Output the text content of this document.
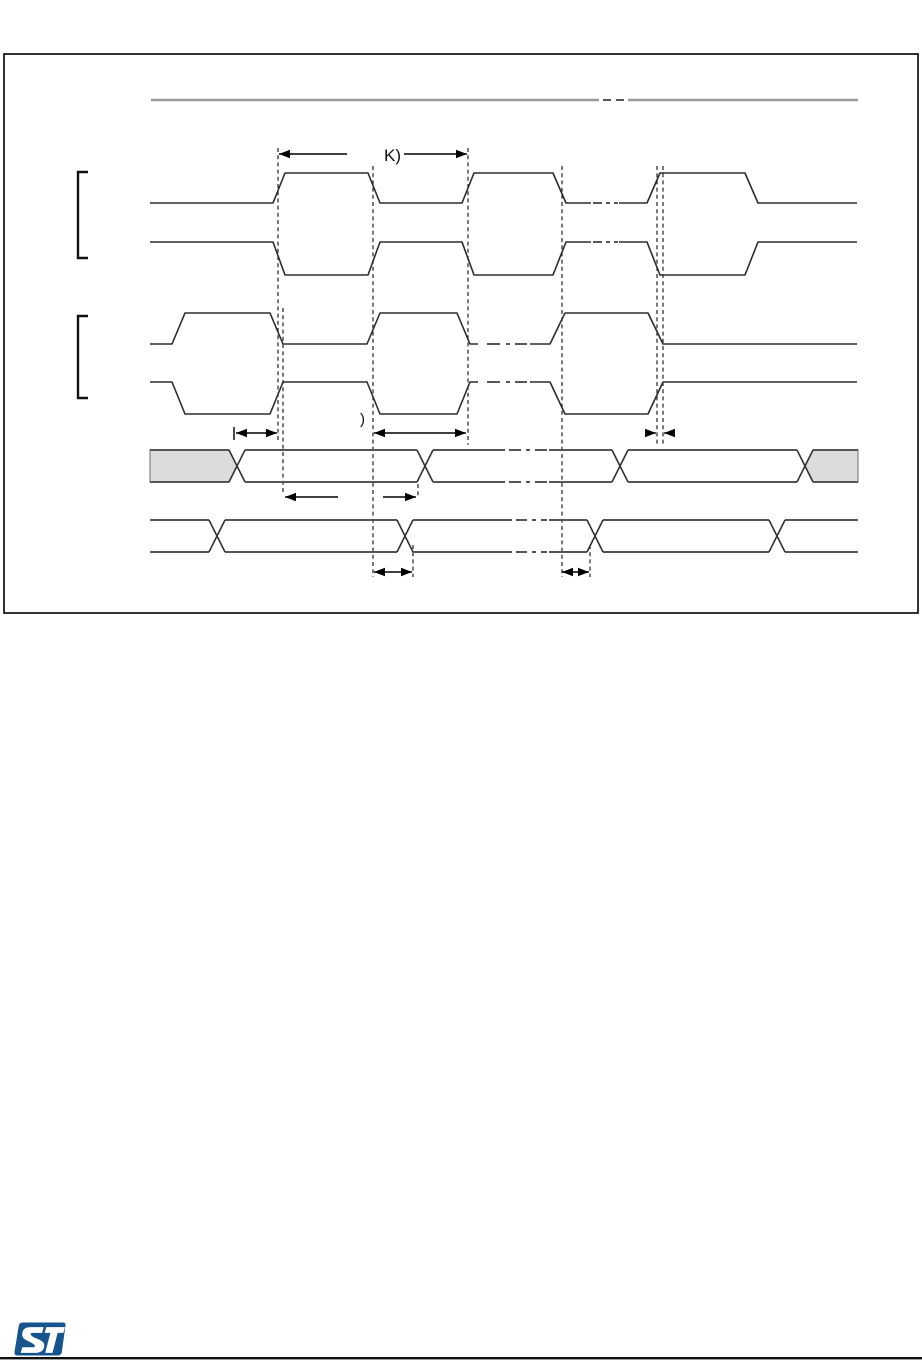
K)
)
